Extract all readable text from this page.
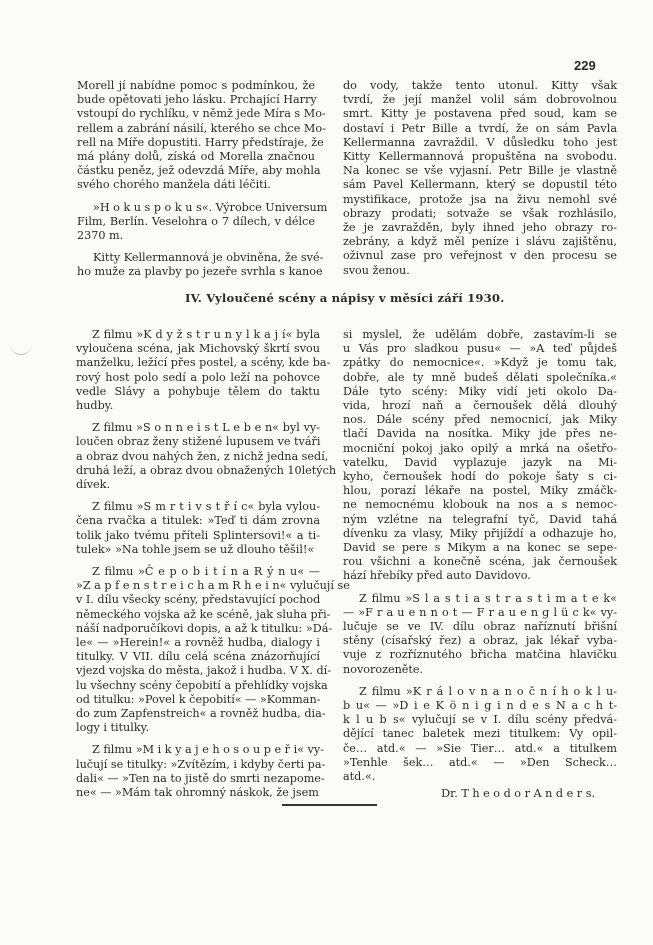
229

Morell jí nabídne pomoc s podmínkou, že
bude opětovati jeho lásku. Prchající Harry
vstoupí do rychlíku, v němž jede Míra s Mo-
rellem a zabrání násilí, kterého se chce Mo-
rell na Míře dopustiti. Harry předstíraje, že
má plány dolů, získá od Morella značnou
částku peněz, jež odevzdá Míře, aby mohla
svého chorého manžela dáti léčiti.

»H o k u s p o k u s«. Výrobce Universum
Film, Berlín. Veselohra o 7 dílech, v délce
2370 m.

Kitty Kellermannová je obviněna, že své-
ho muže za plavby po jezeře svrhla s kanoe

do vody, takže tento utonul. Kitty však
tvrdí, že její manžel volil sám dobrovolnou
smrt. Kitty je postavena před soud, kam se
dostaví i Petr Bille a tvrdí, že on sám Pavla
Kellermanna zavraždil. V důsledku toho jest
Kitty Kellermannová propuštěna na svobodu.
Na konec se vše vyjasní. Petr Bille je vlastně
sám Pavel Kellermann, který se dopustil této
mystifikace, protože jsa na živu nemohl své
obrazy prodati; sotvaže se však rozhlásilo,
že je zavražděn, byly ihned jeho obrazy ro-
zebrány, a když měl peníze i slávu zajištěnu,
oživnul zase pro veřejnost v den procesu se
svou ženou.

IV. Vyloučené scény a nápisy v měsíci září 1930.

Z filmu »K d y ž s t r u n y l k a j í« byla
vyloučena scéna, jak Michovský škrtí svou
manželku, ležící přes postel, a scény, kde ba-
rový host polo sedí a polo leží na pohovce
vedle Slávy a pohybuje tělem do taktu
hudby.

Z filmu »S o n n e i s t L e b e n« byl vy-
loučen obraz ženy stižené lupusem ve tváři
a obraz dvou nahých žen, z nichž jedna sedí,
druhá leží, a obraz dvou obnažených 10letých
dívek.

Z filmu »S m r t i v s t ř í c« byla vylou-
čena rvačka a titulek: »Teď ti dám zrovna
tolik jako tvému příteli Splintersovi!« a ti-
tulek» »Na tohle jsem se už dlouho těšil!«

Z filmu »Č e p o b i t í n a R ý n u« —
»Z a p f e n s t r e i c h a m R h e i n« vylučují se
v I. dílu všecky scény, představující pochod
německého vojska až ke scéně, jak sluha při-
náší nadporučíkovi dopis, a až k titulku: »Dá-
le« — »Herein!« a rovněž hudba, dialogy i
titulky. V VII. dílu celá scéna znázorňující
vjezd vojska do města, jakož i hudba. V X. dí-
lu všechny scény čepobití a přehlídky vojska
od titulku: »Povel k čepobití« — »Komman-
do zum Zapfenstreich« a rovněž hudba, dia-
logy i titulky.

Z filmu »M i k y a j e h o s o u p e ř i« vy-
lučují se titulky: »Zvítězím, i kdyby čerti pa-
dali« — »Ten na to jistě do smrti nezapome-
ne« — »Mám tak ohromný náskok, že jsem

si myslel, že udělám dobře, zastavím-li se
u Vás pro sladkou pusu« — »A teď půjdeš
zpátky do nemocnice«. »Když je tomu tak,
dobře, ale ty mně budeš dělati společníka.«
Dále tyto scény: Miky vidí jeti okolo Da-
vida, hrozí naň a černoušek dělá dlouhý
nos. Dále scény před nemocnicí, jak Miky
tlačí Davida na nosítka. Miky jde přes ne-
mocniční pokoj jako opilý a mrká na ošetřo-
vatelku, David vyplazuje jazyk na Mi-
kyho, černoušek hodí do pokoje šaty s ci-
hlou, porazí lékaře na postel, Miky zmáčk-
ne nemocnému klobouk na nos a s nemoc-
ným vzlétne na telegrafní tyč, David tahá
dívenku za vlasy, Miky přijíždí a odhazuje ho,
David se pere s Mikym a na konec se sepe-
rou všichni a konečně scéna, jak černoušek
hází hřebíky před auto Davidovo.

Z filmu »S l a s t i a s t r a s t i m a t e k«
— »F r a u e n n o t — F r a u e n g l ü c k« vy-
lučuje se ve IV. dílu obraz naříznutí břišní
stěny (císařský řez) a obraz, jak lékař vyba-
vuje z rozříznutého břicha matčina hlavičku
novorozeněte.

Z filmu »K r á l o v n a n o č n í h o k l u-
b u« — »D i e K ö n i g i n d e s N a c h t-
k l u b s« vylučují se v I. dílu scény předvá-
dějící tanec baletek mezi titulkem: Vy opil-
če… atd.« — »Sie Tier… atd.« a titulkem
»Tenhle šek… atd.« — »Den Scheck…
atd.«.

Dr. T h e o d o r A n d e r s.
